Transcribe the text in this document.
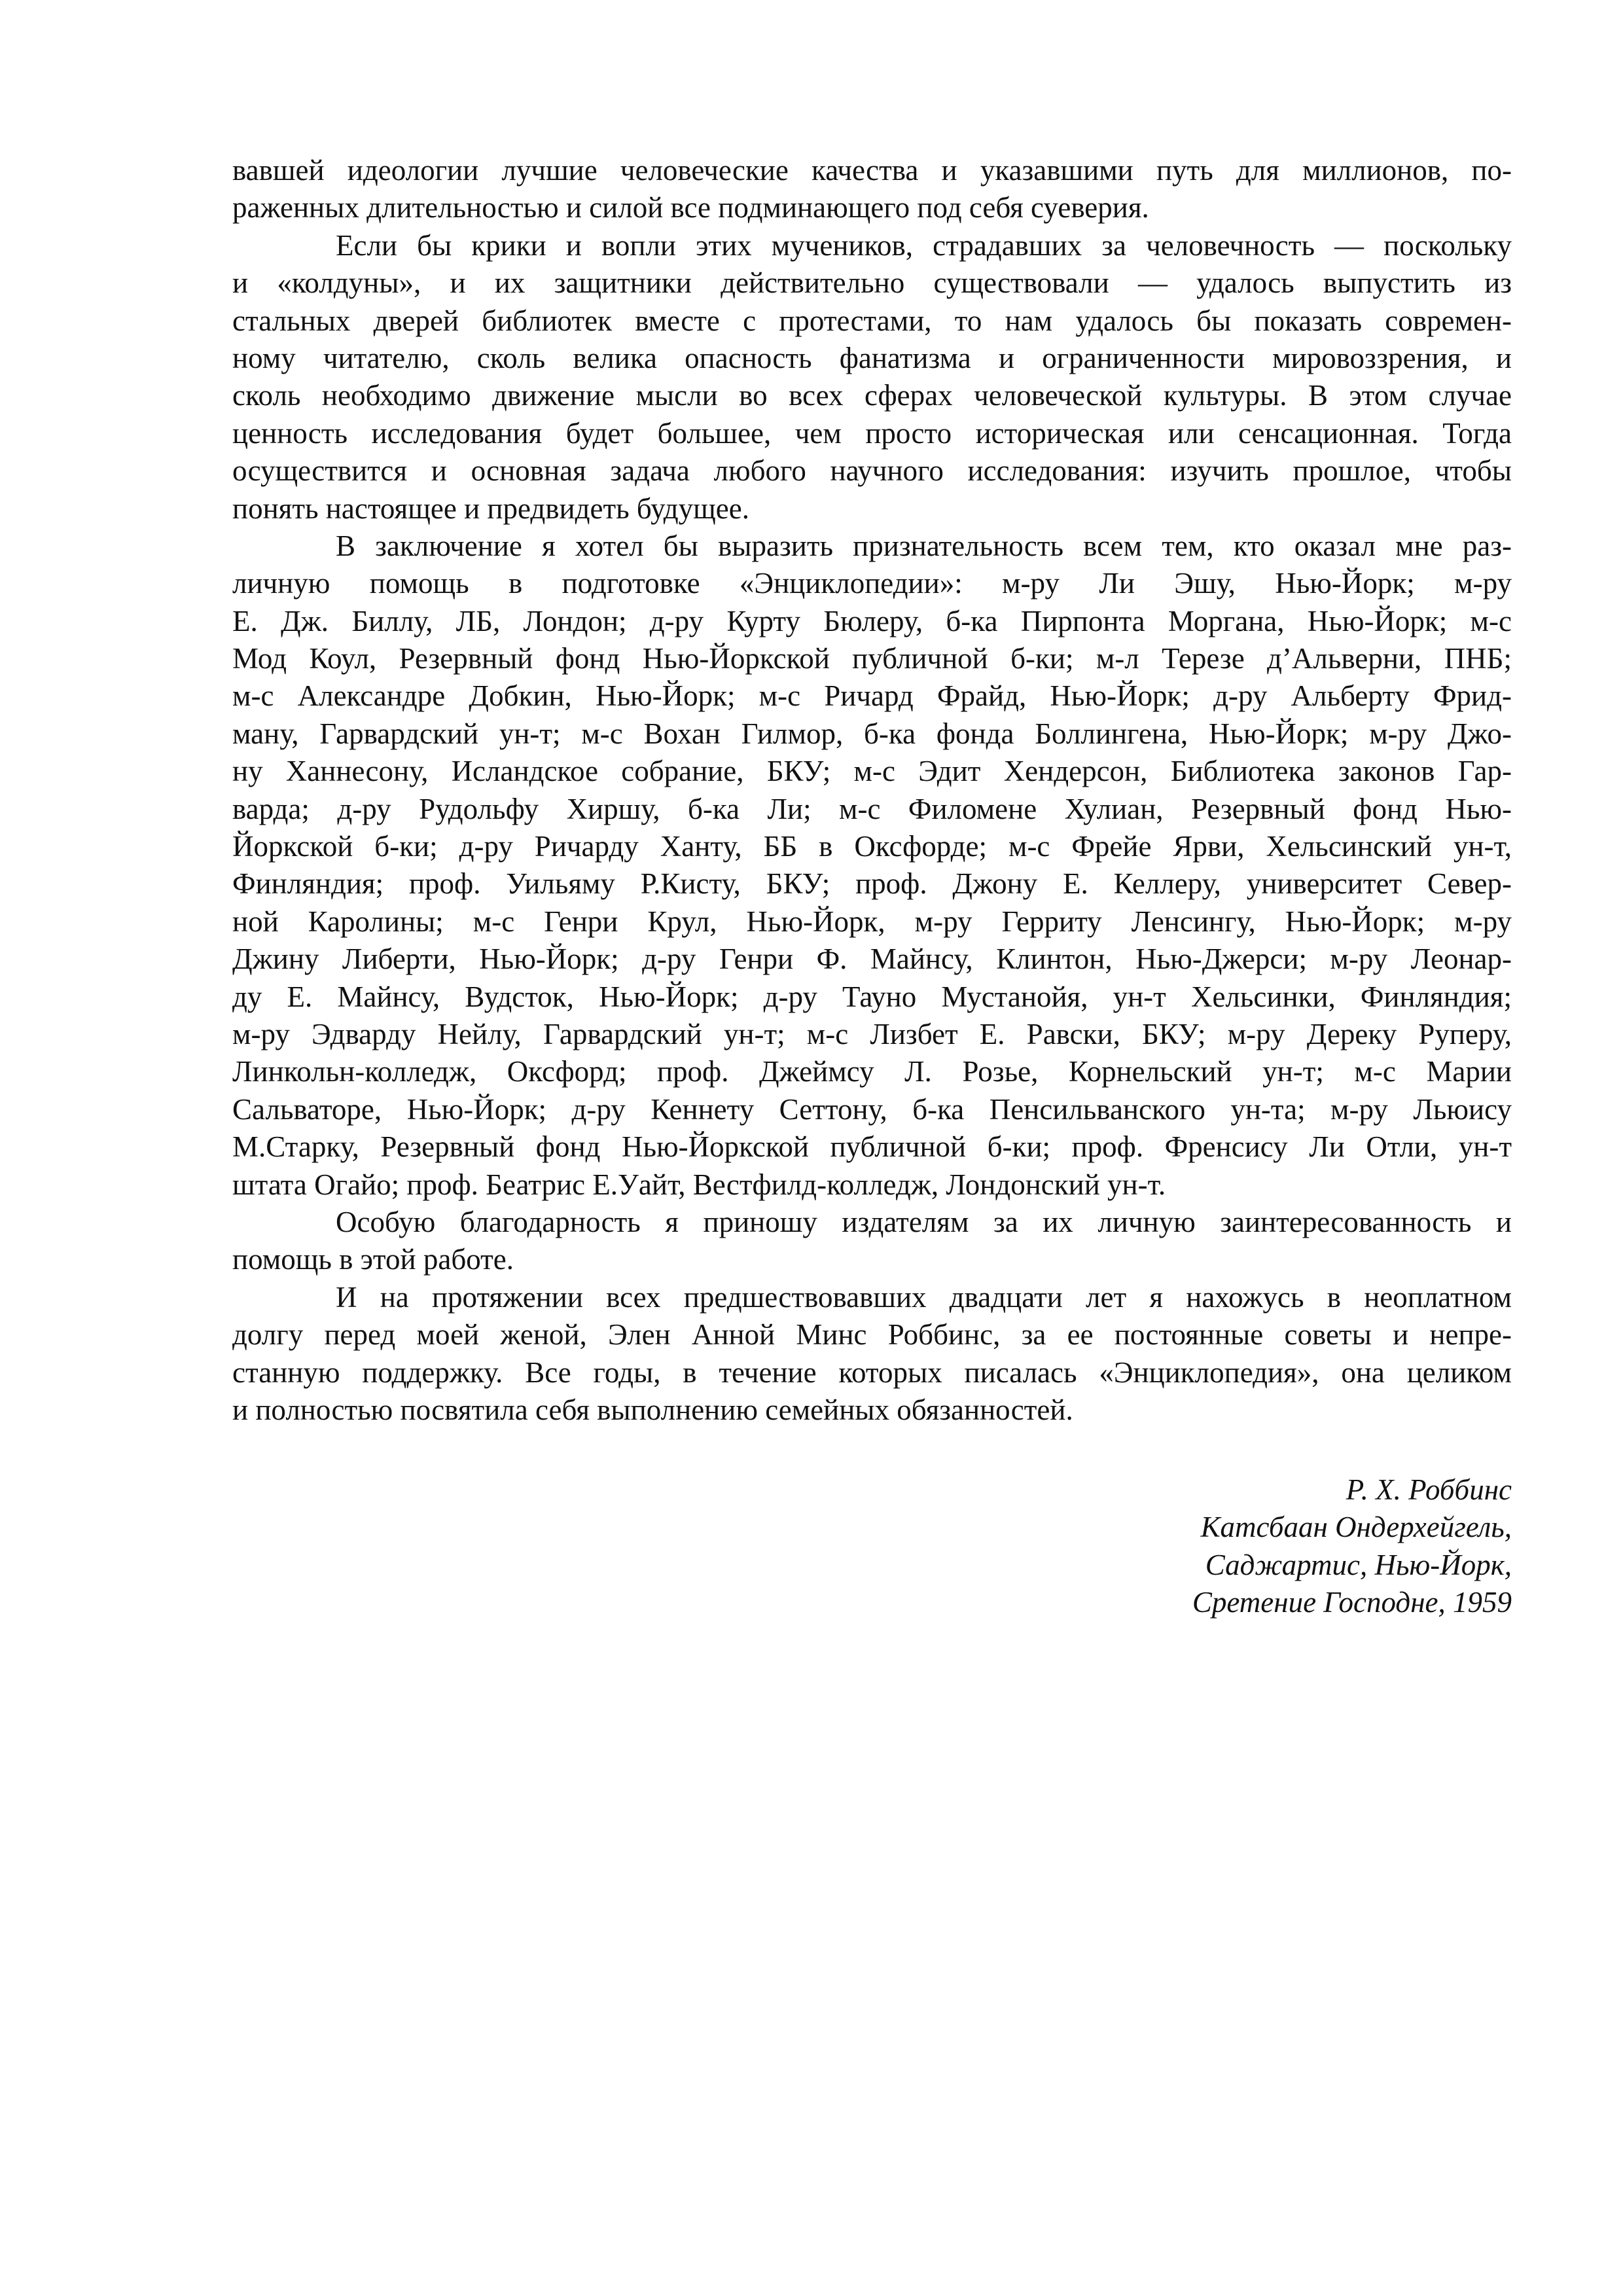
вавшей идеологии лучшие человеческие качества и указавшими путь для миллионов, по-
раженных длительностью и силой все подминающего под себя суеверия.
Если бы крики и вопли этих мучеников, страдавших за человечность — поскольку
и «колдуны», и их защитники действительно существовали — удалось выпустить из
стальных дверей библиотек вместе с протестами, то нам удалось бы показать современ-
ному читателю, сколь велика опасность фанатизма и ограниченности мировоззрения, и
сколь необходимо движение мысли во всех сферах человеческой культуры. В этом случае
ценность исследования будет большее, чем просто историческая или сенсационная. Тогда
осуществится и основная задача любого научного исследования: изучить прошлое, чтобы
понять настоящее и предвидеть будущее.
В заключение я хотел бы выразить признательность всем тем, кто оказал мне раз-
личную помощь в подготовке «Энциклопедии»: м-ру Ли Эшу, Нью-Йорк; м-ру
Е. Дж. Биллу, ЛБ, Лондон; д-ру Курту Бюлеру, б-ка Пирпонта Моргана, Нью-Йорк; м-с
Мод Коул, Резервный фонд Нью-Йоркской публичной б-ки; м-л Терезе д’Альверни, ПНБ;
м-с Александре Добкин, Нью-Йорк; м-с Ричард Фрайд, Нью-Йорк; д-ру Альберту Фрид-
ману, Гарвардский ун-т; м-с Вохан Гилмор, б-ка фонда Боллингена, Нью-Йорк; м-ру Джо-
ну Ханнесону, Исландское собрание, БКУ; м-с Эдит Хендерсон, Библиотека законов Гар-
варда; д-ру Рудольфу Хиршу, б-ка Ли; м-с Филомене Хулиан, Резервный фонд Нью-
Йоркской б-ки; д-ру Ричарду Ханту, ББ в Оксфорде; м-с Фрейе Ярви, Хельсинский ун-т,
Финляндия; проф. Уильяму Р.Кисту, БКУ; проф. Джону Е. Келлеру, университет Север-
ной Каролины; м-с Генри Крул, Нью-Йорк, м-ру Герриту Ленсингу, Нью-Йорк; м-ру
Джину Либерти, Нью-Йорк; д-ру Генри Ф. Майнсу, Клинтон, Нью-Джерси; м-ру Леонар-
ду Е. Майнсу, Вудсток, Нью-Йорк; д-ру Тауно Мустанойя, ун-т Хельсинки, Финляндия;
м-ру Эдварду Нейлу, Гарвардский ун-т; м-с Лизбет Е. Равски, БКУ; м-ру Дереку Руперу,
Линкольн-колледж, Оксфорд; проф. Джеймсу Л. Розье, Корнельский ун-т; м-с Марии
Сальваторе, Нью-Йорк; д-ру Кеннету Сеттону, б-ка Пенсильванского ун-та; м-ру Льюису
М.Старку, Резервный фонд Нью-Йоркской публичной б-ки; проф. Френсису Ли Отли, ун-т
штата Огайо; проф. Беатрис Е.Уайт, Вестфилд-колледж, Лондонский ун-т.
Особую благодарность я приношу издателям за их личную заинтересованность и
помощь в этой работе.
И на протяжении всех предшествовавших двадцати лет я нахожусь в неоплатном
долгу перед моей женой, Элен Анной Минс Роббинс, за ее постоянные советы и непре-
станную поддержку. Все годы, в течение которых писалась «Энциклопедия», она целиком
и полностью посвятила себя выполнению семейных обязанностей.
Р. Х. Роббинс
Катсбаан Ондерхейгель,
Саджартис, Нью-Йорк,
Сретение Господне, 1959
